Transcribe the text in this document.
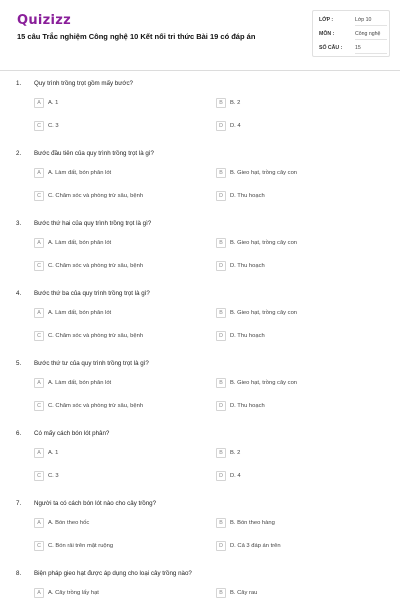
Quizizz
15 câu Trắc nghiệm Công nghệ 10 Kết nối tri thức Bài 19 có đáp án
LỚP :	Lớp 10
MÔN :	Công nghệ
SỐ CÂU : 15
1. Quy trình trồng trọt gồm mấy bước?
A	A. 1	B	B. 2
C	C. 3	D	D. 4
2. Bước đầu tiên của quy trình trồng trọt là gì?
A	A. Làm đất, bón phân lót	B	B. Gieo hạt, trồng cây con
C	C. Chăm sóc và phòng trừ sâu, bệnh	D	D. Thu hoạch
3. Bước thứ hai của quy trình trồng trọt là gì?
A	A. Làm đất, bón phân lót	B	B. Gieo hạt, trồng cây con
C	C. Chăm sóc và phòng trừ sâu, bệnh	D	D. Thu hoạch
4. Bước thứ ba của quy trình trồng trọt là gì?
A	A. Làm đất, bón phân lót	B	B. Gieo hạt, trồng cây con
C	C. Chăm sóc và phòng trừ sâu, bệnh	D	D. Thu hoạch
5. Bước thứ tư của quy trình trồng trọt là gì?
A	A. Làm đất, bón phân lót	B	B. Gieo hạt, trồng cây con
C	C. Chăm sóc và phòng trừ sâu, bệnh	D	D. Thu hoạch
6. Có mấy cách bón lót phân?
A	A. 1	B	B. 2
C	C. 3	D	D. 4
7. Người ta có cách bón lót nào cho cây trồng?
A	A. Bón theo hốc	B	B. Bón theo hàng
C	C. Bón rải trên mặt ruộng	D	D. Cả 3 đáp án trên
8. Biện pháp gieo hạt được áp dụng cho loại cây trồng nào?
A	A. Cây trồng lấy hạt	B	B. Cây rau
